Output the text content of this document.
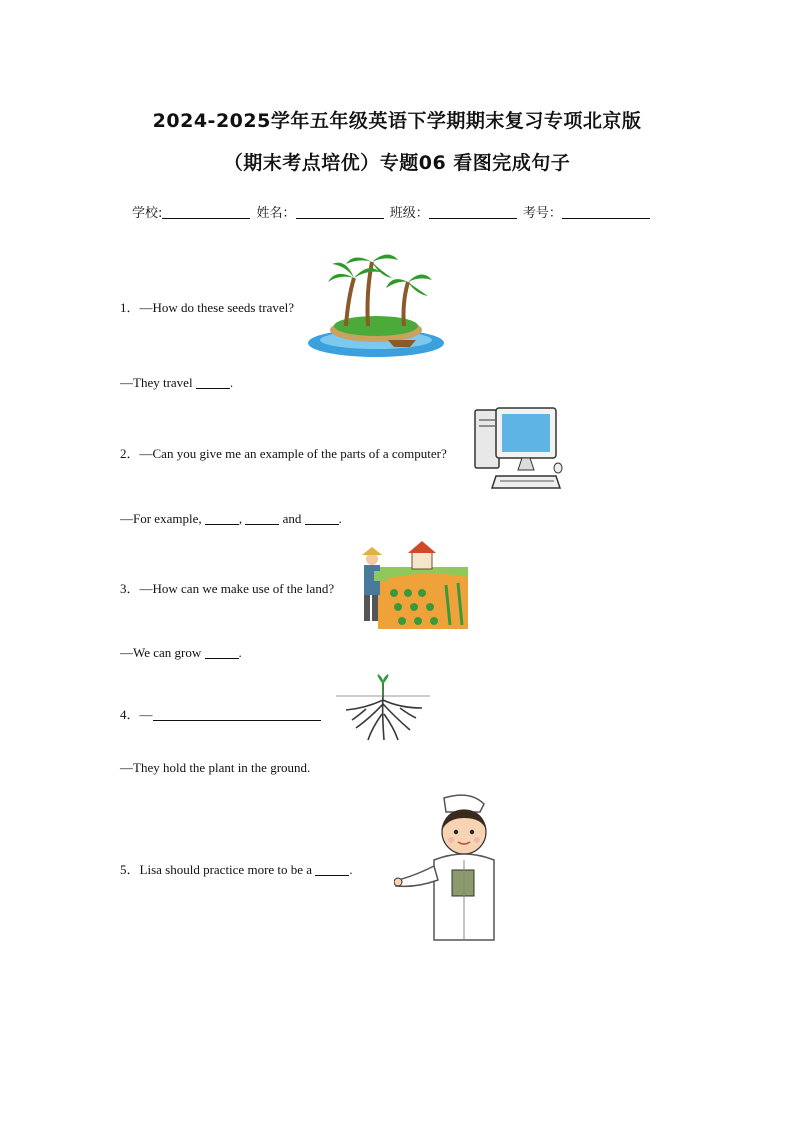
2024-2025学年五年级英语下学期期末复习专项北京版
（期末考点培优）专题06 看图完成句子
学校:	姓名：	班级：	考号：
1．—How do these seeds travel?
—They travel	.
2．—Can you give me an example of the parts of a computer?
—For example,	,	and	.
3．—How can we make use of the land?
—We can grow	.
4．—
—They hold the plant in the ground.
5．Lisa should practice more to be a	.
